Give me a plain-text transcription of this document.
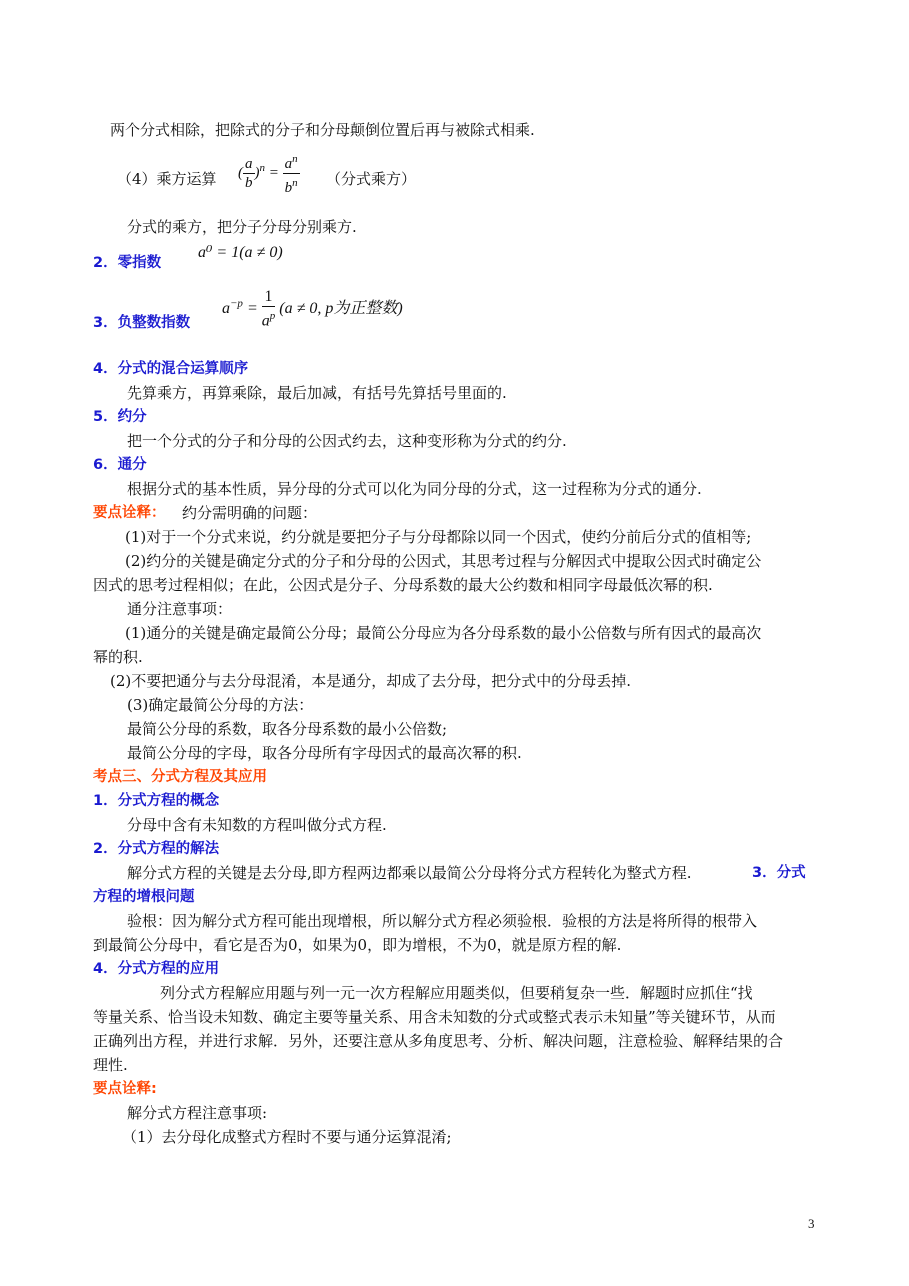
两个分式相除，把除式的分子和分母颠倒位置后再与被除式相乘.
（4）乘方运算 ( $\frac{a}{b} )^n = \frac{a^n}{b^n}$ （分式乘方）
分式的乘方，把分子分母分别乘方.
2．零指数
a⁰ = 1(a ≠ 0)
3．负整数指数
$a^{-p} = \frac{1}{a^p} (a \ne 0$, p为正整数)
4．分式的混合运算顺序
先算乘方，再算乘除，最后加减，有括号先算括号里面的.
5．约分
把一个分式的分子和分母的公因式约去，这种变形称为分式的约分.
6．通分
根据分式的基本性质，异分母的分式可以化为同分母的分式，这一过程称为分式的通分.
要点诠释： 约分需明确的问题：
(1)对于一个分式来说，约分就是要把分子与分母都除以同一个因式，使约分前后分式的值相等;
(2)约分的关键是确定分式的分子和分母的公因式，其思考过程与分解因式中提取公因式时确定公
因式的思考过程相似；在此，公因式是分子、分母系数的最大公约数和相同字母最低次幂的积.
通分注意事项：
(1)通分的关键是确定最简公分母；最简公分母应为各分母系数的最小公倍数与所有因式的最高次
幂的积.
(2)不要把通分与去分母混淆，本是通分，却成了去分母，把分式中的分母丢掉.
(3)确定最简公分母的方法：
最简公分母的系数，取各分母系数的最小公倍数;
最简公分母的字母，取各分母所有字母因式的最高次幂的积.
考点三、分式方程及其应用
1．分式方程的概念
分母中含有未知数的方程叫做分式方程.
2．分式方程的解法
解分式方程的关键是去分母,即方程两边都乘以最简公分母将分式方程转化为整式方程.	3．分式
方程的增根问题
验根：因为解分式方程可能出现增根，所以解分式方程必须验根．验根的方法是将所得的根带入
到最简公分母中，看它是否为0，如果为0，即为增根，不为0，就是原方程的解.
4．分式方程的应用
列分式方程解应用题与列一元一次方程解应用题类似，但要稍复杂一些．解题时应抓住“找
等量关系、恰当设未知数、确定主要等量关系、用含未知数的分式或整式表示未知量”等关键环节，从而
正确列出方程，并进行求解．另外，还要注意从多角度思考、分析、解决问题，注意检验、解释结果的合
理性.
要点诠释:
解分式方程注意事项:
（1）去分母化成整式方程时不要与通分运算混淆;
3
